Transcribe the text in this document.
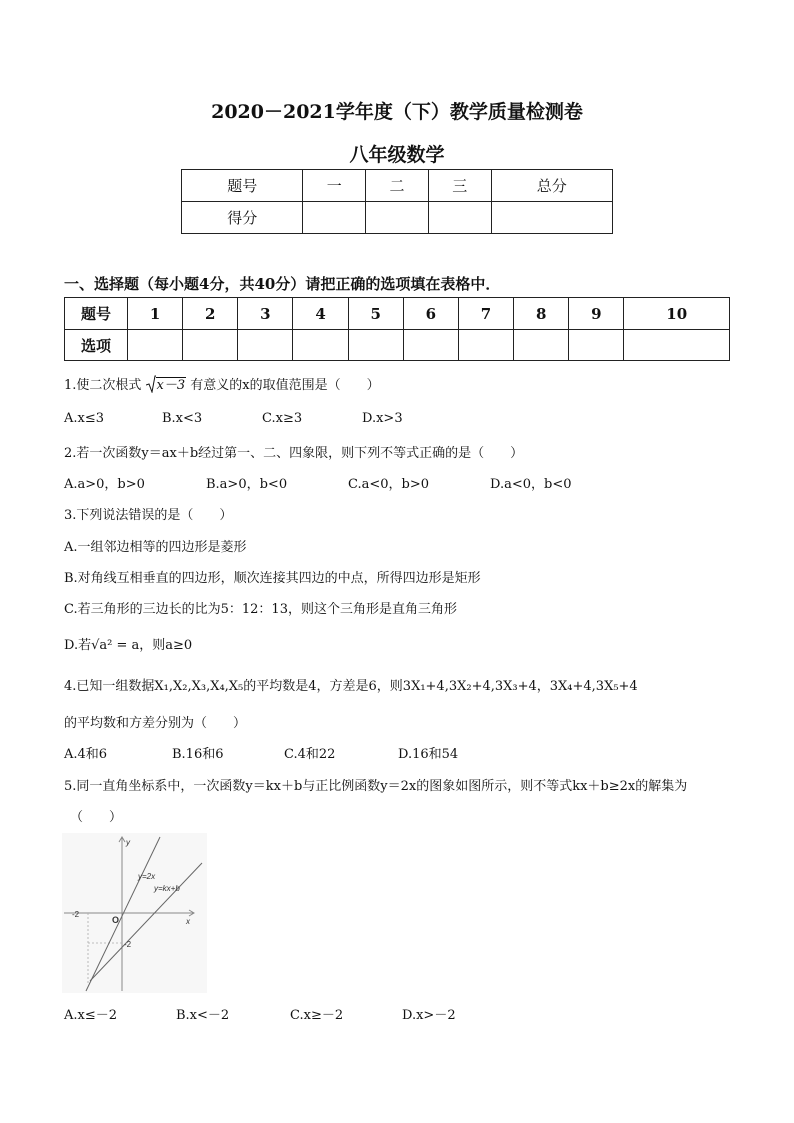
2020－2021学年度（下）教学质量检测卷
八年级数学
题号	一	二	三	总分
得分				
一、选择题（每小题4分，共40分）请把正确的选项填在表格中．
题号	1	2	3	4	5	6	7	8	9	10
选项										
1.使二次根式 x－3 有意义的x的取值范围是（　　）
A.x≤3	B.x<3	C.x≥3	D.x>3
2.若一次函数y＝ax＋b经过第一、二、四象限，则下列不等式正确的是（　　）
A.a>0，b>0	B.a>0，b<0	C.a<0，b>0	D.a<0，b<0
3.下列说法错误的是（　　）
A.一组邻边相等的四边形是菱形
B.对角线互相垂直的四边形，顺次连接其四边的中点，所得四边形是矩形
C.若三角形的三边长的比为5：12：13，则这个三角形是直角三角形
D.若√a² = a，则a≥0
4.已知一组数据X₁,X₂,X₃,X₄,X₅的平均数是4，方差是6，则3X₁+4,3X₂+4,3X₃+4，3X₄+4,3X₅+4
的平均数和方差分别为（　　）
A.4和6	B.16和6	C.4和22	D.16和54
5.同一直角坐标系中，一次函数y＝kx＋b与正比例函数y＝2x的图象如图所示，则不等式kx＋b≥2x的解集为
（　　）
-2
-2
O
y
x
y=2x
y=kx+b
A.x≤－2	B.x<－2	C.x≥－2	D.x>－2
